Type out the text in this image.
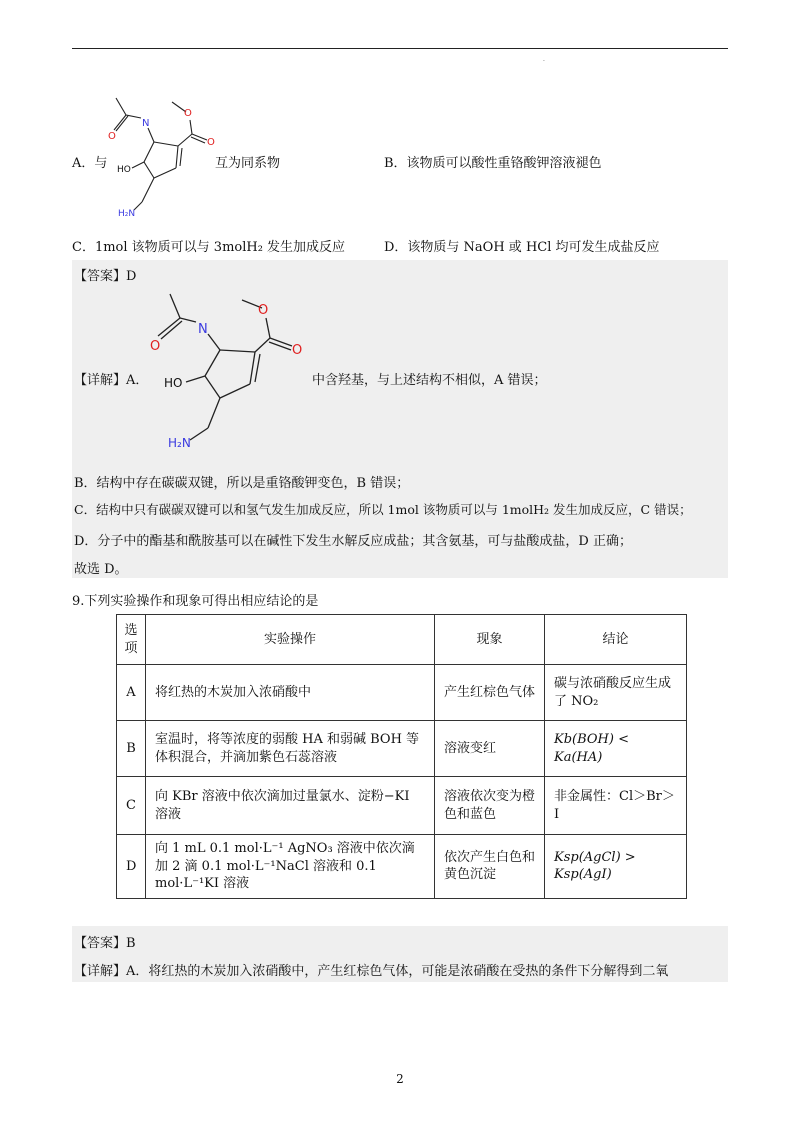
·
N
O
HO
O
O
H₂N
A．与	互为同系物	B．该物质可以酸性重铬酸钾溶液褪色
C．1mol 该物质可以与 3molH₂ 发生加成反应	D．该物质与 NaOH 或 HCl 均可发生成盐反应
【答案】D
N
O
HO
O
O
H₂N
【详解】A．	中含羟基，与上述结构不相似，A 错误；
B．结构中存在碳碳双键，所以是重铬酸钾变色，B 错误；
C．结构中只有碳碳双键可以和氢气发生加成反应，所以 1mol 该物质可以与 1molH₂ 发生加成反应，C 错误；
D．分子中的酯基和酰胺基可以在碱性下发生水解反应成盐；其含氨基，可与盐酸成盐，D 正确；
故选 D。
9.下列实验操作和现象可得出相应结论的是
选项	实验操作	现象	结论
A	将红热的木炭加入浓硝酸中	产生红棕色气体	碳与浓硝酸反应生成了 NO₂
B	室温时，将等浓度的弱酸 HA 和弱碱 BOH 等体积混合，并滴加紫色石蕊溶液	溶液变红	Kb(BOH) < Ka(HA)
C	向 KBr 溶液中依次滴加过量氯水、淀粉−KI 溶液	溶液依次变为橙色和蓝色	非金属性：Cl＞Br＞I
D	向 1 mL 0.1 mol·L⁻¹ AgNO₃ 溶液中依次滴加 2 滴 0.1 mol·L⁻¹NaCl 溶液和 0.1 mol·L⁻¹KI 溶液	依次产生白色和黄色沉淀	Ksp(AgCl) > Ksp(AgI)
【答案】B
【详解】A．将红热的木炭加入浓硝酸中，产生红棕色气体，可能是浓硝酸在受热的条件下分解得到二氧
2
